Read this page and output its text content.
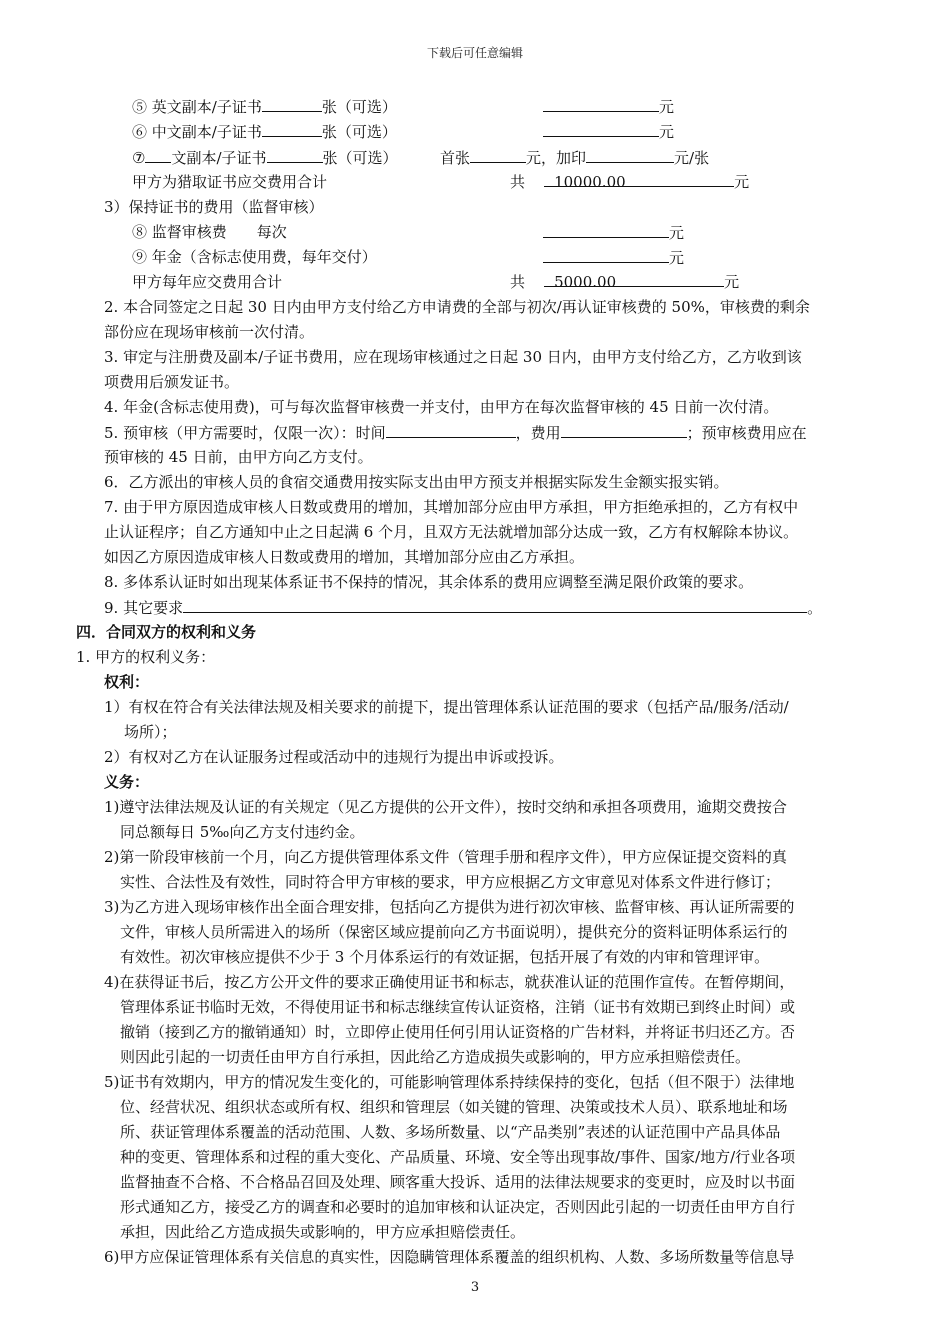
下载后可任意编辑
⑤ 英文副本/子证书	张（可选）	元
⑥ 中文副本/子证书	张（可选）	元
⑦ 文副本/子证书	张（可选）	首张	元，加印	元/张
甲方为猎取证书应交费用合计	共 10000.00	元
3）保持证书的费用（监督审核）
⑧ 监督审核费　　每次	元
⑨ 年金（含标志使用费，每年交付）	元
甲方每年应交费用合计	共 5000.00	元
2. 本合同签定之日起 30 日内由甲方支付给乙方申请费的全部与初次/再认证审核费的 50%，审核费的剩余
部份应在现场审核前一次付清。
3. 审定与注册费及副本/子证书费用，应在现场审核通过之日起 30 日内，由甲方支付给乙方，乙方收到该
项费用后颁发证书。
4. 年金(含标志使用费)，可与每次监督审核费一并支付，由甲方在每次监督审核的 45 日前一次付清。
5. 预审核（甲方需要时，仅限一次）：时间	，费用	；预审核费用应在
预审核的 45 日前，由甲方向乙方支付。
6．乙方派出的审核人员的食宿交通费用按实际支出由甲方预支并根据实际发生金额实报实销。
7. 由于甲方原因造成审核人日数或费用的增加，其增加部分应由甲方承担，甲方拒绝承担的，乙方有权中
止认证程序；自乙方通知中止之日起满 6 个月，且双方无法就增加部分达成一致，乙方有权解除本协议。
如因乙方原因造成审核人日数或费用的增加，其增加部分应由乙方承担。
8. 多体系认证时如出现某体系证书不保持的情况，其余体系的费用应调整至满足限价政策的要求。
9. 其它要求	。
四．合同双方的权利和义务
1. 甲方的权利义务：
权利：
1）有权在符合有关法律法规及相关要求的前提下，提出管理体系认证范围的要求（包括产品/服务/活动/
场所）；
2）有权对乙方在认证服务过程或活动中的违规行为提出申诉或投诉。
义务：
1)遵守法律法规及认证的有关规定（见乙方提供的公开文件），按时交纳和承担各项费用，逾期交费按合
同总额每日 5‰向乙方支付违约金。
2)第一阶段审核前一个月，向乙方提供管理体系文件（管理手册和程序文件），甲方应保证提交资料的真
实性、合法性及有效性，同时符合甲方审核的要求，甲方应根据乙方文审意见对体系文件进行修订；
3)为乙方进入现场审核作出全面合理安排，包括向乙方提供为进行初次审核、监督审核、再认证所需要的
文件，审核人员所需进入的场所（保密区域应提前向乙方书面说明），提供充分的资料证明体系运行的
有效性。初次审核应提供不少于 3 个月体系运行的有效证据，包括开展了有效的内审和管理评审。
4)在获得证书后，按乙方公开文件的要求正确使用证书和标志，就获准认证的范围作宣传。在暂停期间，
管理体系证书临时无效，不得使用证书和标志继续宣传认证资格，注销（证书有效期已到终止时间）或
撤销（接到乙方的撤销通知）时，立即停止使用任何引用认证资格的广告材料，并将证书归还乙方。否
则因此引起的一切责任由甲方自行承担，因此给乙方造成损失或影响的，甲方应承担赔偿责任。
5)证书有效期内，甲方的情况发生变化的，可能影响管理体系持续保持的变化，包括（但不限于）法律地
位、经营状况、组织状态或所有权、组织和管理层（如关键的管理、决策或技术人员）、联系地址和场
所、获证管理体系覆盖的活动范围、人数、多场所数量、以“产品类别”表述的认证范围中产品具体品
种的变更、管理体系和过程的重大变化、产品质量、环境、安全等出现事故/事件、国家/地方/行业各项
监督抽查不合格、不合格品召回及处理、顾客重大投诉、适用的法律法规要求的变更时，应及时以书面
形式通知乙方，接受乙方的调查和必要时的追加审核和认证决定，否则因此引起的一切责任由甲方自行
承担，因此给乙方造成损失或影响的，甲方应承担赔偿责任。
6)甲方应保证管理体系有关信息的真实性，因隐瞒管理体系覆盖的组织机构、人数、多场所数量等信息导
3
